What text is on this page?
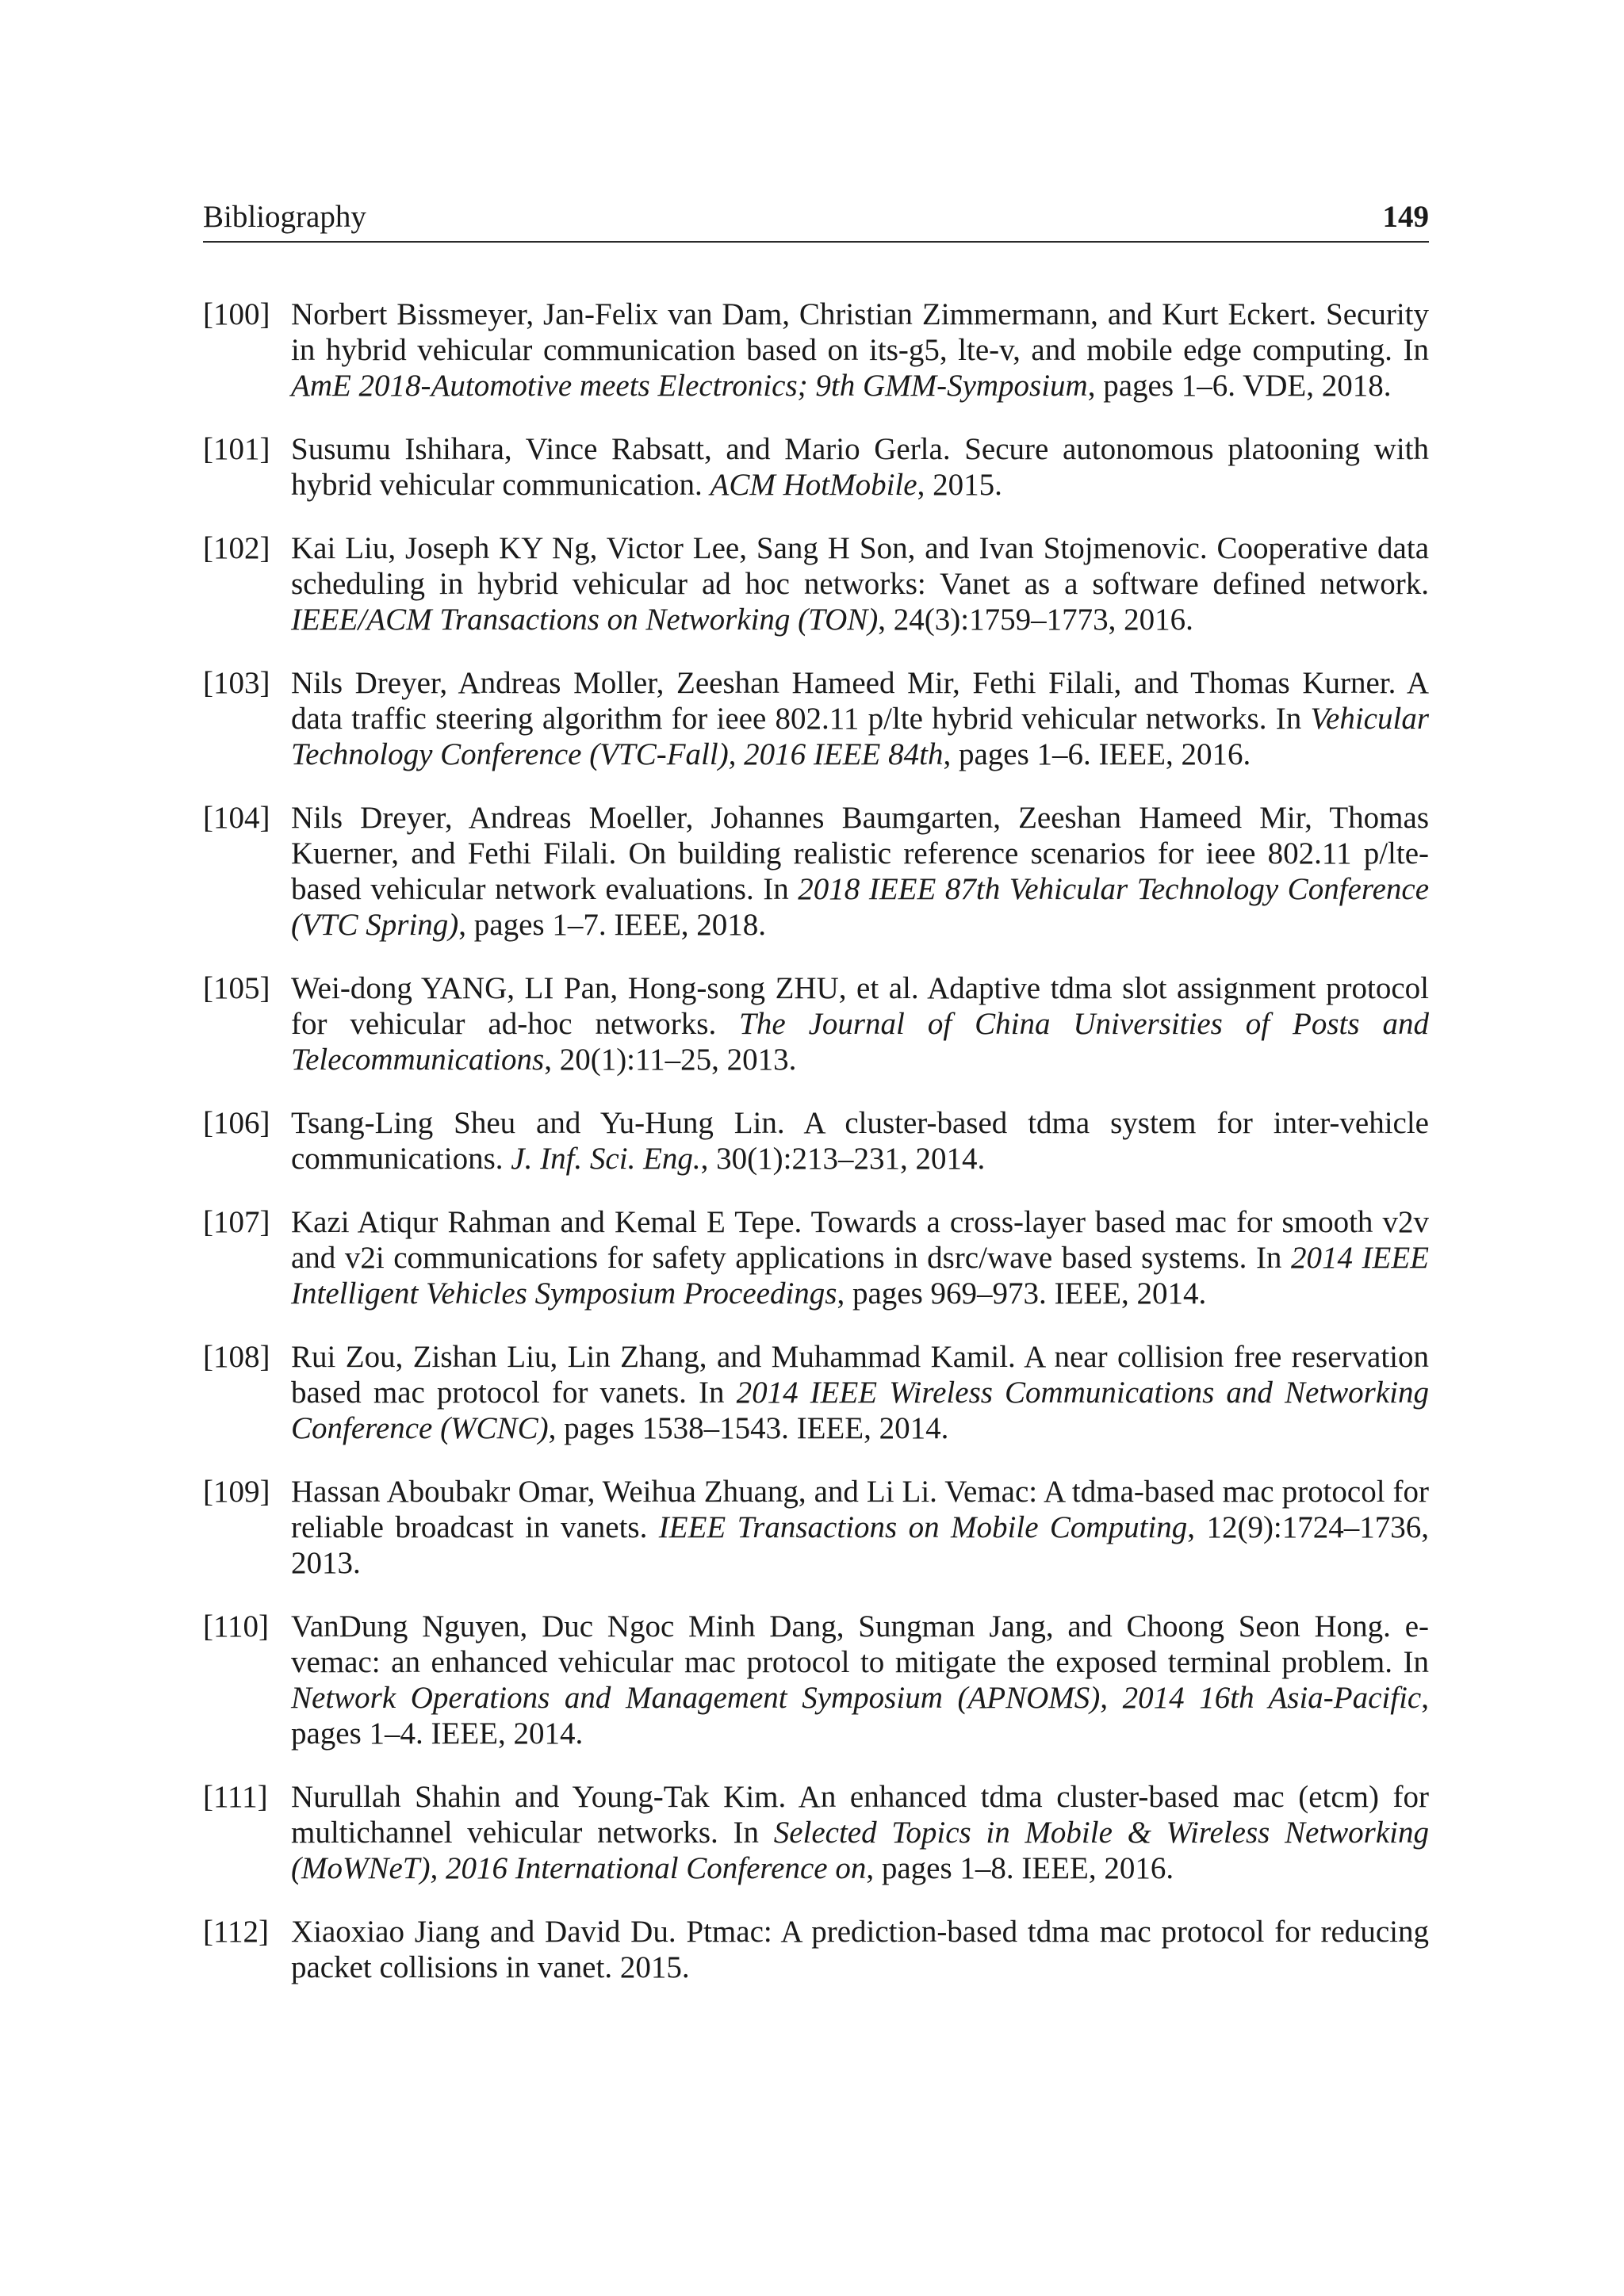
Bibliography	149
[100] Norbert Bissmeyer, Jan-Felix van Dam, Christian Zimmermann, and Kurt Eckert. Security in hybrid vehicular communication based on its-g5, lte-v, and mobile edge computing. In AmE 2018-Automotive meets Electronics; 9th GMM-Symposium, pages 1–6. VDE, 2018.
[101] Susumu Ishihara, Vince Rabsatt, and Mario Gerla. Secure autonomous platooning with hybrid vehicular communication. ACM HotMobile, 2015.
[102] Kai Liu, Joseph KY Ng, Victor Lee, Sang H Son, and Ivan Stojmenovic. Cooperative data scheduling in hybrid vehicular ad hoc networks: Vanet as a software defined network. IEEE/ACM Transactions on Networking (TON), 24(3):1759–1773, 2016.
[103] Nils Dreyer, Andreas Moller, Zeeshan Hameed Mir, Fethi Filali, and Thomas Kurner. A data traffic steering algorithm for ieee 802.11 p/lte hybrid vehicular networks. In Vehicular Technology Conference (VTC-Fall), 2016 IEEE 84th, pages 1–6. IEEE, 2016.
[104] Nils Dreyer, Andreas Moeller, Johannes Baumgarten, Zeeshan Hameed Mir, Thomas Kuerner, and Fethi Filali. On building realistic reference scenarios for ieee 802.11 p/lte-based vehicular network evaluations. In 2018 IEEE 87th Vehicular Technology Conference (VTC Spring), pages 1–7. IEEE, 2018.
[105] Wei-dong YANG, LI Pan, Hong-song ZHU, et al. Adaptive tdma slot assignment protocol for vehicular ad-hoc networks. The Journal of China Universities of Posts and Telecommunications, 20(1):11–25, 2013.
[106] Tsang-Ling Sheu and Yu-Hung Lin. A cluster-based tdma system for inter-vehicle communications. J. Inf. Sci. Eng., 30(1):213–231, 2014.
[107] Kazi Atiqur Rahman and Kemal E Tepe. Towards a cross-layer based mac for smooth v2v and v2i communications for safety applications in dsrc/wave based systems. In 2014 IEEE Intelligent Vehicles Symposium Proceedings, pages 969–973. IEEE, 2014.
[108] Rui Zou, Zishan Liu, Lin Zhang, and Muhammad Kamil. A near collision free reservation based mac protocol for vanets. In 2014 IEEE Wireless Communications and Networking Conference (WCNC), pages 1538–1543. IEEE, 2014.
[109] Hassan Aboubakr Omar, Weihua Zhuang, and Li Li. Vemac: A tdma-based mac protocol for reliable broadcast in vanets. IEEE Transactions on Mobile Computing, 12(9):1724–1736, 2013.
[110] VanDung Nguyen, Duc Ngoc Minh Dang, Sungman Jang, and Choong Seon Hong. e-vemac: an enhanced vehicular mac protocol to mitigate the exposed terminal problem. In Network Operations and Management Symposium (APNOMS), 2014 16th Asia-Pacific, pages 1–4. IEEE, 2014.
[111] Nurullah Shahin and Young-Tak Kim. An enhanced tdma cluster-based mac (etcm) for multichannel vehicular networks. In Selected Topics in Mobile & Wireless Networking (MoWNeT), 2016 International Conference on, pages 1–8. IEEE, 2016.
[112] Xiaoxiao Jiang and David Du. Ptmac: A prediction-based tdma mac protocol for reducing packet collisions in vanet. 2015.
